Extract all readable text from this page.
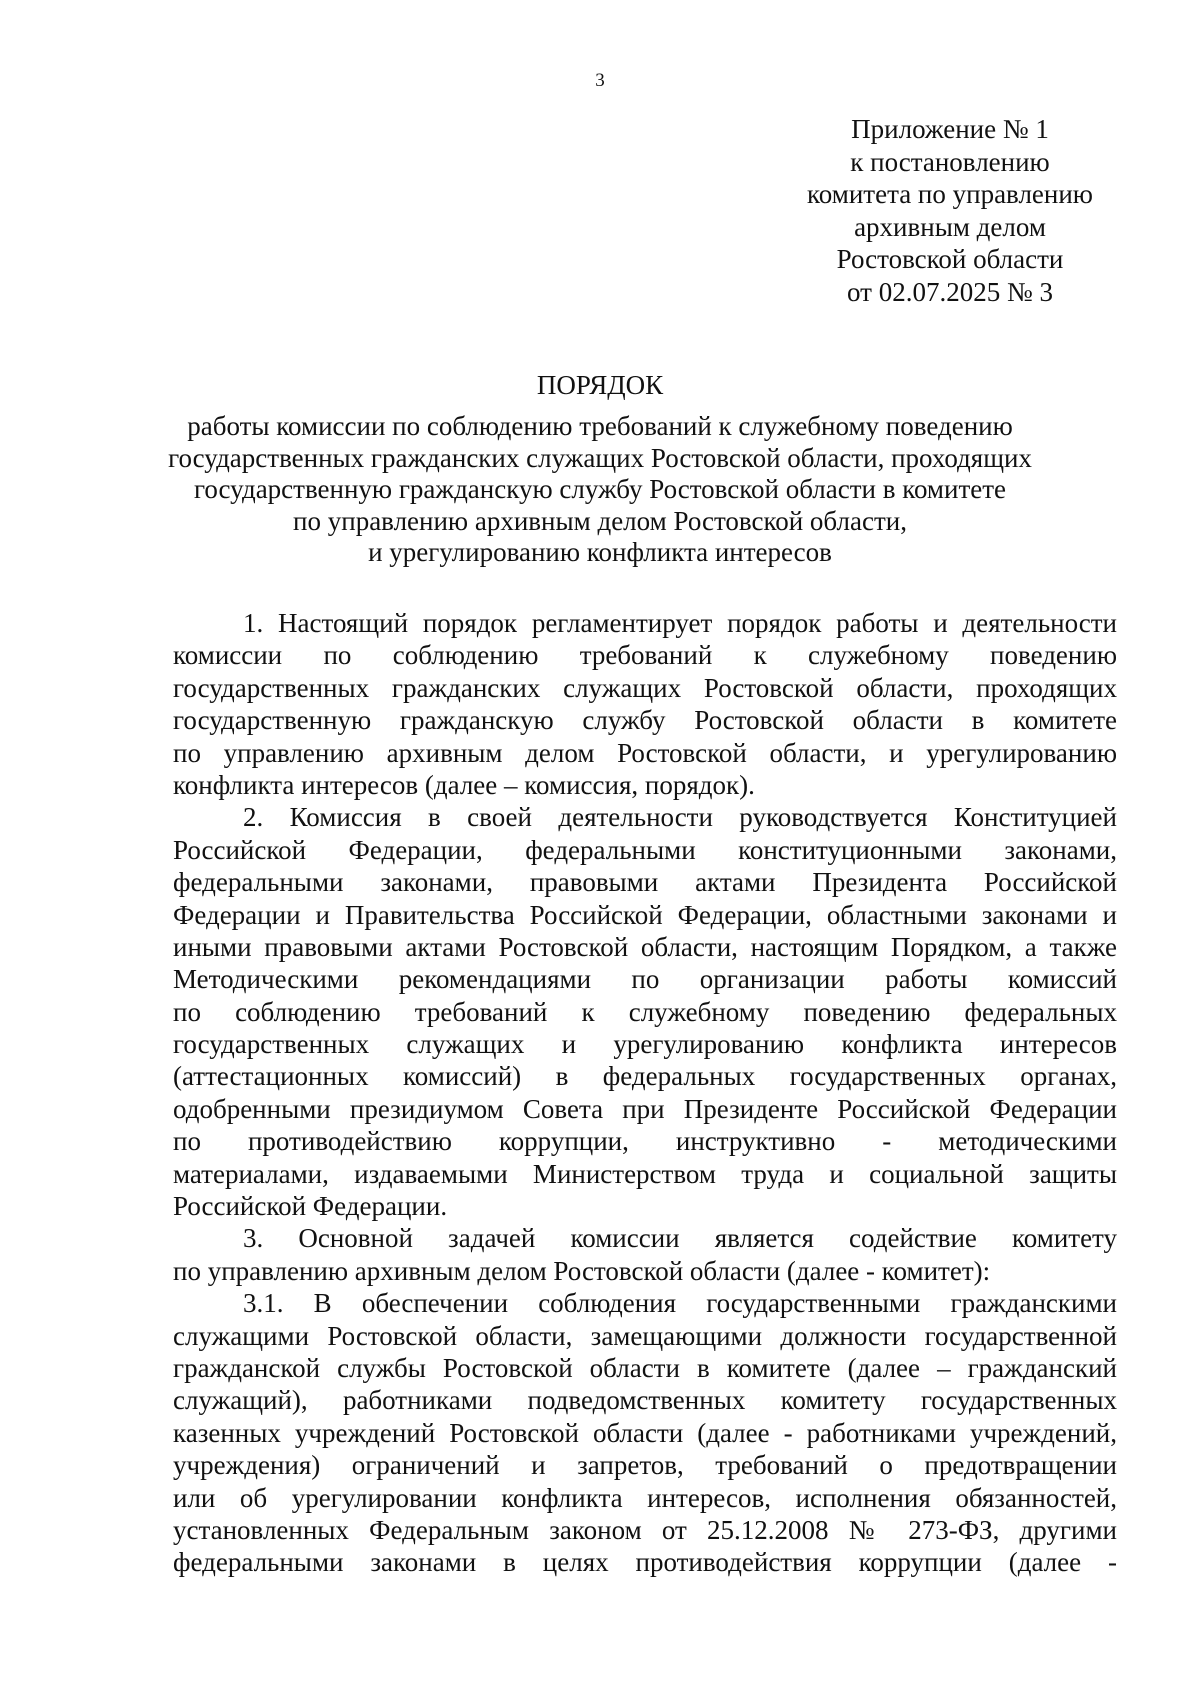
3
Приложение № 1
к постановлению
комитета по управлению
архивным делом
Ростовской области
от 02.07.2025 № 3
ПОРЯДОК
работы комиссии по соблюдению требований к служебному поведению
государственных гражданских служащих Ростовской области, проходящих
государственную гражданскую службу Ростовской области в комитете
по управлению архивным делом Ростовской области,
и урегулированию конфликта интересов
1. Настоящий порядок регламентирует порядок работы и деятельности
комиссии по соблюдению требований к служебному поведению
государственных гражданских служащих Ростовской области, проходящих
государственную гражданскую службу Ростовской области в комитете
по управлению архивным делом Ростовской области, и урегулированию
конфликта интересов (далее – комиссия, порядок).
2. Комиссия в своей деятельности руководствуется Конституцией
Российской Федерации, федеральными конституционными законами,
федеральными законами, правовыми актами Президента Российской
Федерации и Правительства Российской Федерации, областными законами и
иными правовыми актами Ростовской области, настоящим Порядком, а также
Методическими рекомендациями по организации работы комиссий
по соблюдению требований к служебному поведению федеральных
государственных служащих и урегулированию конфликта интересов
(аттестационных комиссий) в федеральных государственных органах,
одобренными президиумом Совета при Президенте Российской Федерации
по противодействию коррупции, инструктивно - методическими
материалами, издаваемыми Министерством труда и социальной защиты
Российской Федерации.
3. Основной задачей комиссии является содействие комитету
по управлению архивным делом Ростовской области (далее - комитет):
3.1. В обеспечении соблюдения государственными гражданскими
служащими Ростовской области, замещающими должности государственной
гражданской службы Ростовской области в комитете (далее – гражданский
служащий), работниками подведомственных комитету государственных
казенных учреждений Ростовской области (далее - работниками учреждений,
учреждения) ограничений и запретов, требований о предотвращении
или об урегулировании конфликта интересов, исполнения обязанностей,
установленных Федеральным законом от 25.12.2008 № 273-ФЗ, другими
федеральными законами в целях противодействия коррупции (далее -
